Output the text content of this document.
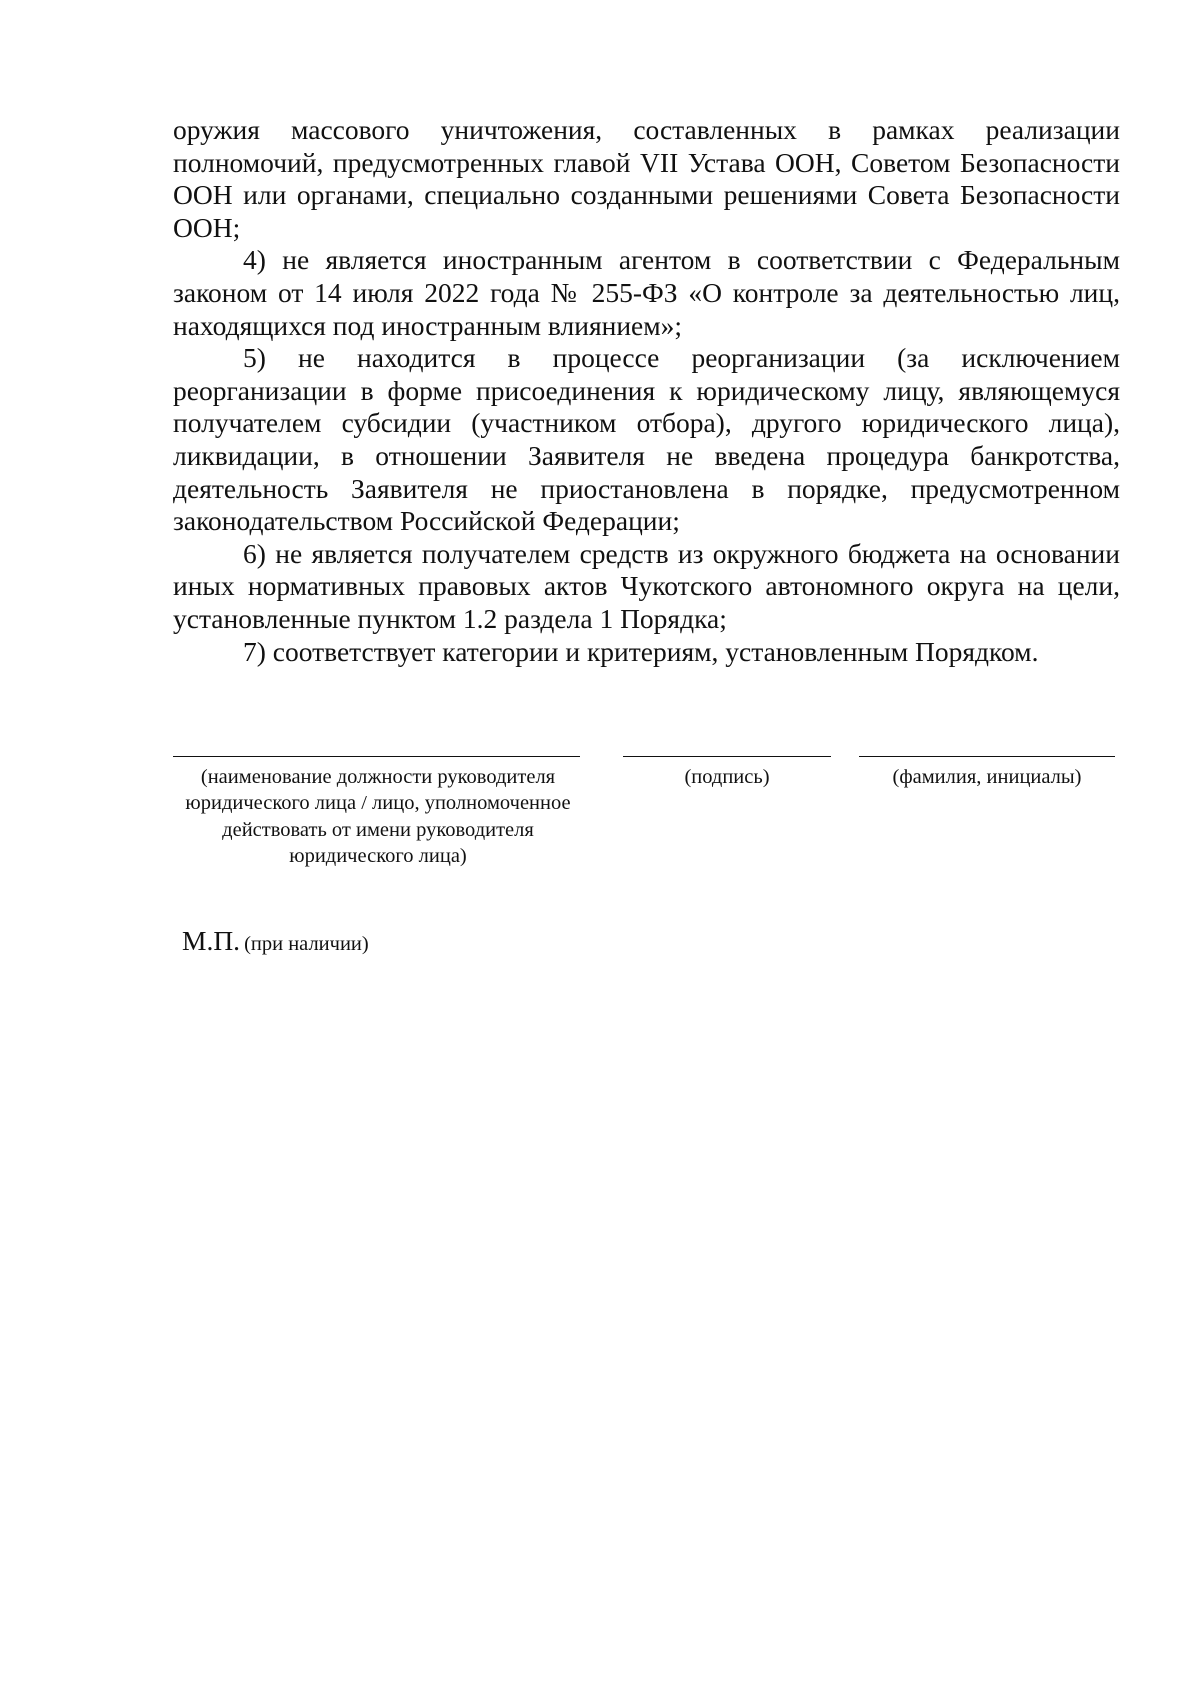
оружия массового уничтожения, составленных в рамках реализации полномочий, предусмотренных главой VII Устава ООН, Советом Безопасности ООН или органами, специально созданными решениями Совета Безопасности ООН;

4) не является иностранным агентом в соответствии с Федеральным законом от 14 июля 2022 года № 255-ФЗ «О контроле за деятельностью лиц, находящихся под иностранным влиянием»;

5) не находится в процессе реорганизации (за исключением реорганизации в форме присоединения к юридическому лицу, являющемуся получателем субсидии (участником отбора), другого юридического лица), ликвидации, в отношении Заявителя не введена процедура банкротства, деятельность Заявителя не приостановлена в порядке, предусмотренном законодательством Российской Федерации;

6) не является получателем средств из окружного бюджета на основании иных нормативных правовых актов Чукотского автономного округа на цели, установленные пунктом 1.2 раздела 1 Порядка;

7) соответствует категории и критериям, установленным Порядком.

(наименование должности руководителя юридического лица / лицо, уполномоченное действовать от имени руководителя юридического лица)
(подпись)	(фамилия, инициалы)
М.П. (при наличии)
